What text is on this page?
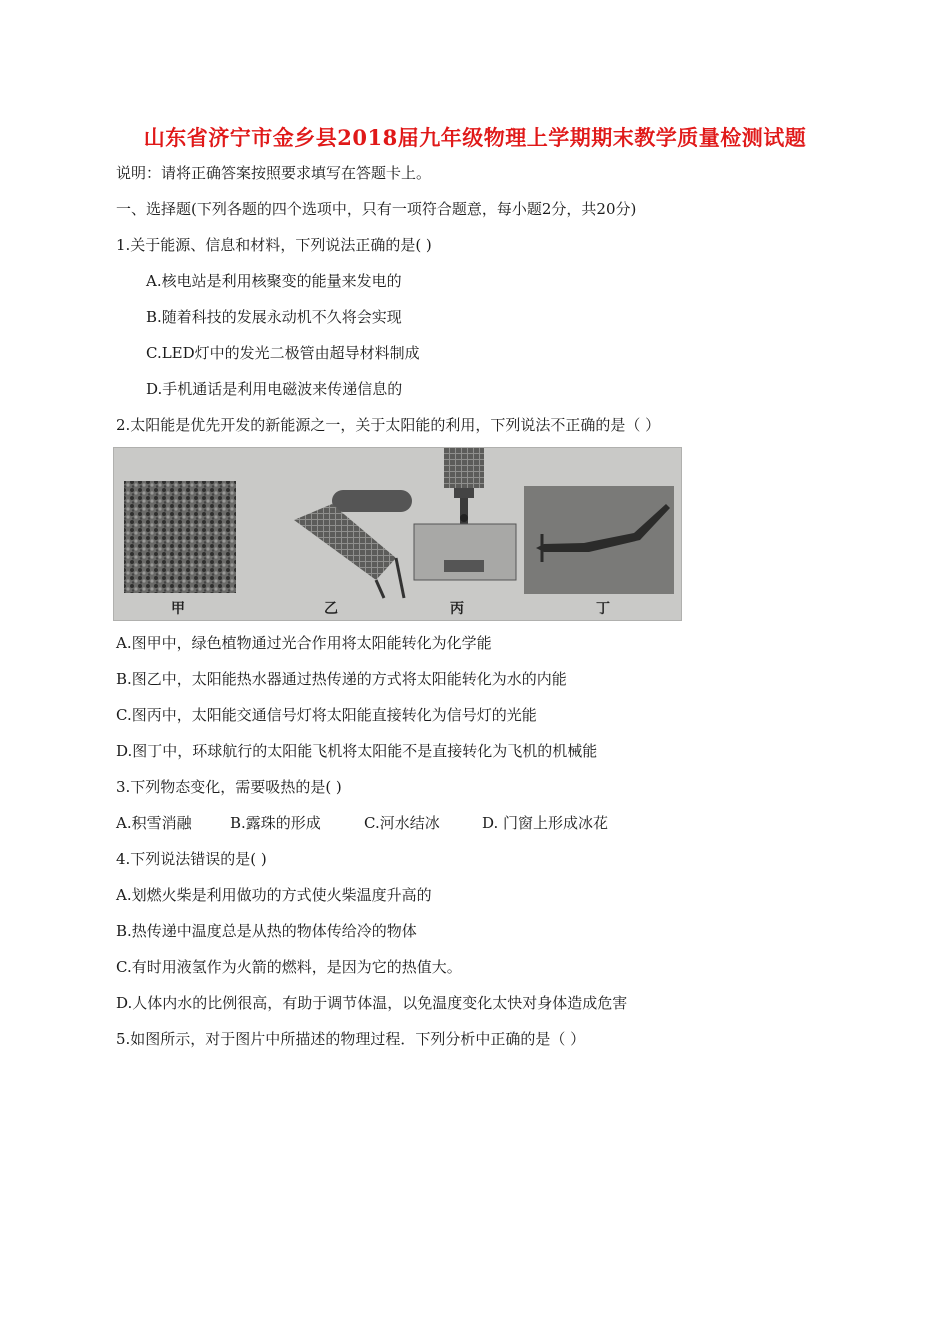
山东省济宁市金乡县2018届九年级物理上学期期末教学质量检测试题
说明：请将正确答案按照要求填写在答题卡上。
一、选择题(下列各题的四个选项中，只有一项符合题意，每小题2分，共20分)
1.关于能源、信息和材料，下列说法正确的是( )
A.核电站是利用核聚变的能量来发电的
B.随着科技的发展永动机不久将会实现
C.LED灯中的发光二极管由超导材料制成
D.手机通话是利用电磁波来传递信息的
2.太阳能是优先开发的新能源之一，关于太阳能的利用，下列说法不正确的是（ ）
甲	乙	丙	丁
A.图甲中，绿色植物通过光合作用将太阳能转化为化学能
B.图乙中，太阳能热水器通过热传递的方式将太阳能转化为水的内能
C.图丙中，太阳能交通信号灯将太阳能直接转化为信号灯的光能
D.图丁中，环球航行的太阳能飞机将太阳能不是直接转化为飞机的机械能
3.下列物态变化，需要吸热的是( )
A.积雪消融	B.露珠的形成	C.河水结冰	D. 门窗上形成冰花
4.下列说法错误的是( )
A.划燃火柴是利用做功的方式使火柴温度升高的
B.热传递中温度总是从热的物体传给冷的物体
C.有时用液氢作为火箭的燃料，是因为它的热值大。
D.人体内水的比例很高，有助于调节体温，以免温度变化太快对身体造成危害
5.如图所示，对于图片中所描述的物理过程．下列分析中正确的是（ ）
